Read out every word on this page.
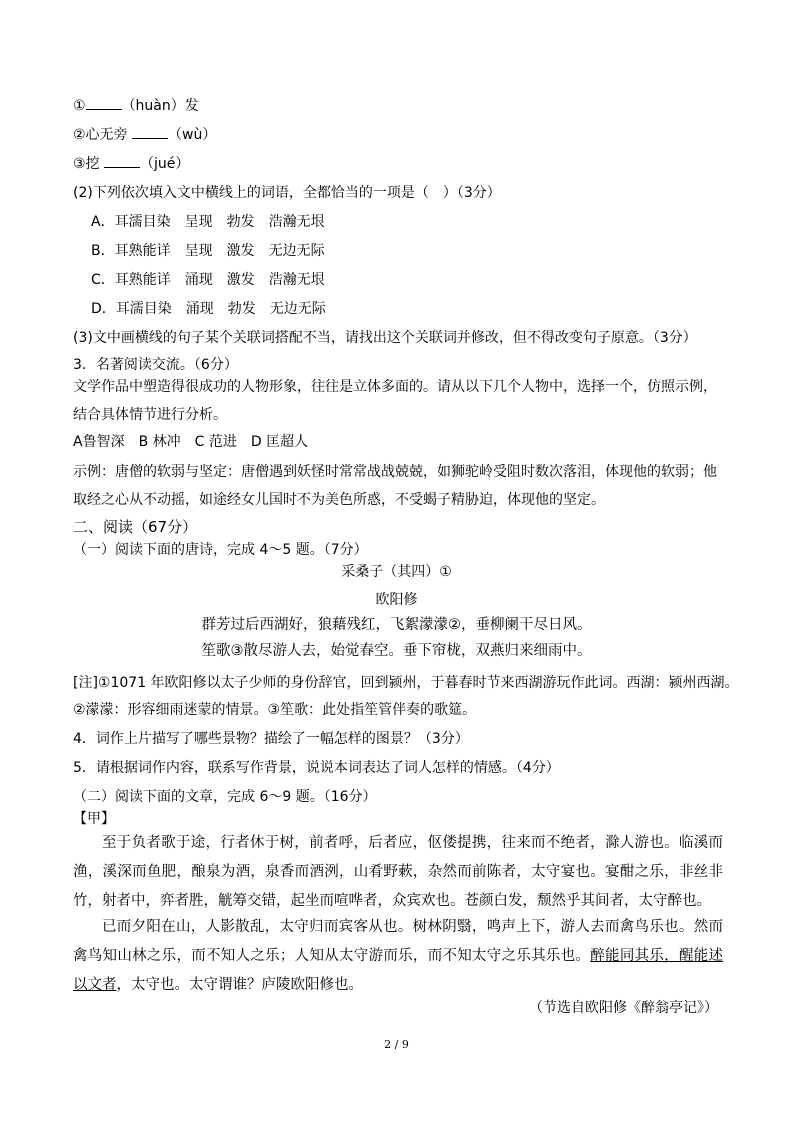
①	（huàn）发
②心无旁	（wù）
③挖	（jué）
(2)下列依次填入文中横线上的词语，全都恰当的一项是（　）（3分）
A．耳濡目染　呈现　勃发　浩瀚无垠
B．耳熟能详　呈现　激发　无边无际
C．耳熟能详　涌现　激发　浩瀚无垠
D．耳濡目染　涌现　勃发　无边无际
(3)文中画横线的句子某个关联词搭配不当，请找出这个关联词并修改，但不得改变句子原意。（3分）
3．名著阅读交流。（6分）
文学作品中塑造得很成功的人物形象，往往是立体多面的。请从以下几个人物中，选择一个，仿照示例，
结合具体情节进行分析。
A鲁智深　B 林冲　C 范进　D 匡超人
示例：唐僧的软弱与坚定：唐僧遇到妖怪时常常战战兢兢，如狮驼岭受阻时数次落泪，体现他的软弱；他
取经之心从不动摇，如途经女儿国时不为美色所惑，不受蝎子精胁迫，体现他的坚定。
二、阅读（67分）
（一）阅读下面的唐诗，完成 4～5 题。（7分）
采桑子（其四）①
欧阳修
群芳过后西湖好，狼藉残红，飞絮濛濛②，垂柳阑干尽日风。
笙歌③散尽游人去，始觉春空。垂下帘栊，双燕归来细雨中。
[注]①1071 年欧阳修以太子少师的身份辞官，回到颍州，于暮春时节来西湖游玩作此词。西湖：颍州西湖。
②濛濛：形容细雨迷蒙的情景。③笙歌：此处指笙管伴奏的歌筵。
4．词作上片描写了哪些景物？描绘了一幅怎样的图景？（3分）
5．请根据词作内容，联系写作背景，说说本词表达了词人怎样的情感。（4分）
（二）阅读下面的文章，完成 6～9 题。（16分）
【甲】
至于负者歌于途，行者休于树，前者呼，后者应，伛偻提携，往来而不绝者，滁人游也。临溪而渔，溪深而鱼肥，酿泉为酒，泉香而酒洌，山肴野蔌，杂然而前陈者，太守宴也。宴酣之乐，非丝非竹，射者中，弈者胜，觥筹交错，起坐而喧哗者，众宾欢也。苍颜白发，颓然乎其间者，太守醉也。
已而夕阳在山，人影散乱，太守归而宾客从也。树林阴翳，鸣声上下，游人去而禽鸟乐也。然而禽鸟知山林之乐，而不知人之乐；人知从太守游而乐，而不知太守之乐其乐也。醉能同其乐，醒能述以文者，太守也。太守谓谁？庐陵欧阳修也。
（节选自欧阳修《醉翁亭记》）
2 / 9
